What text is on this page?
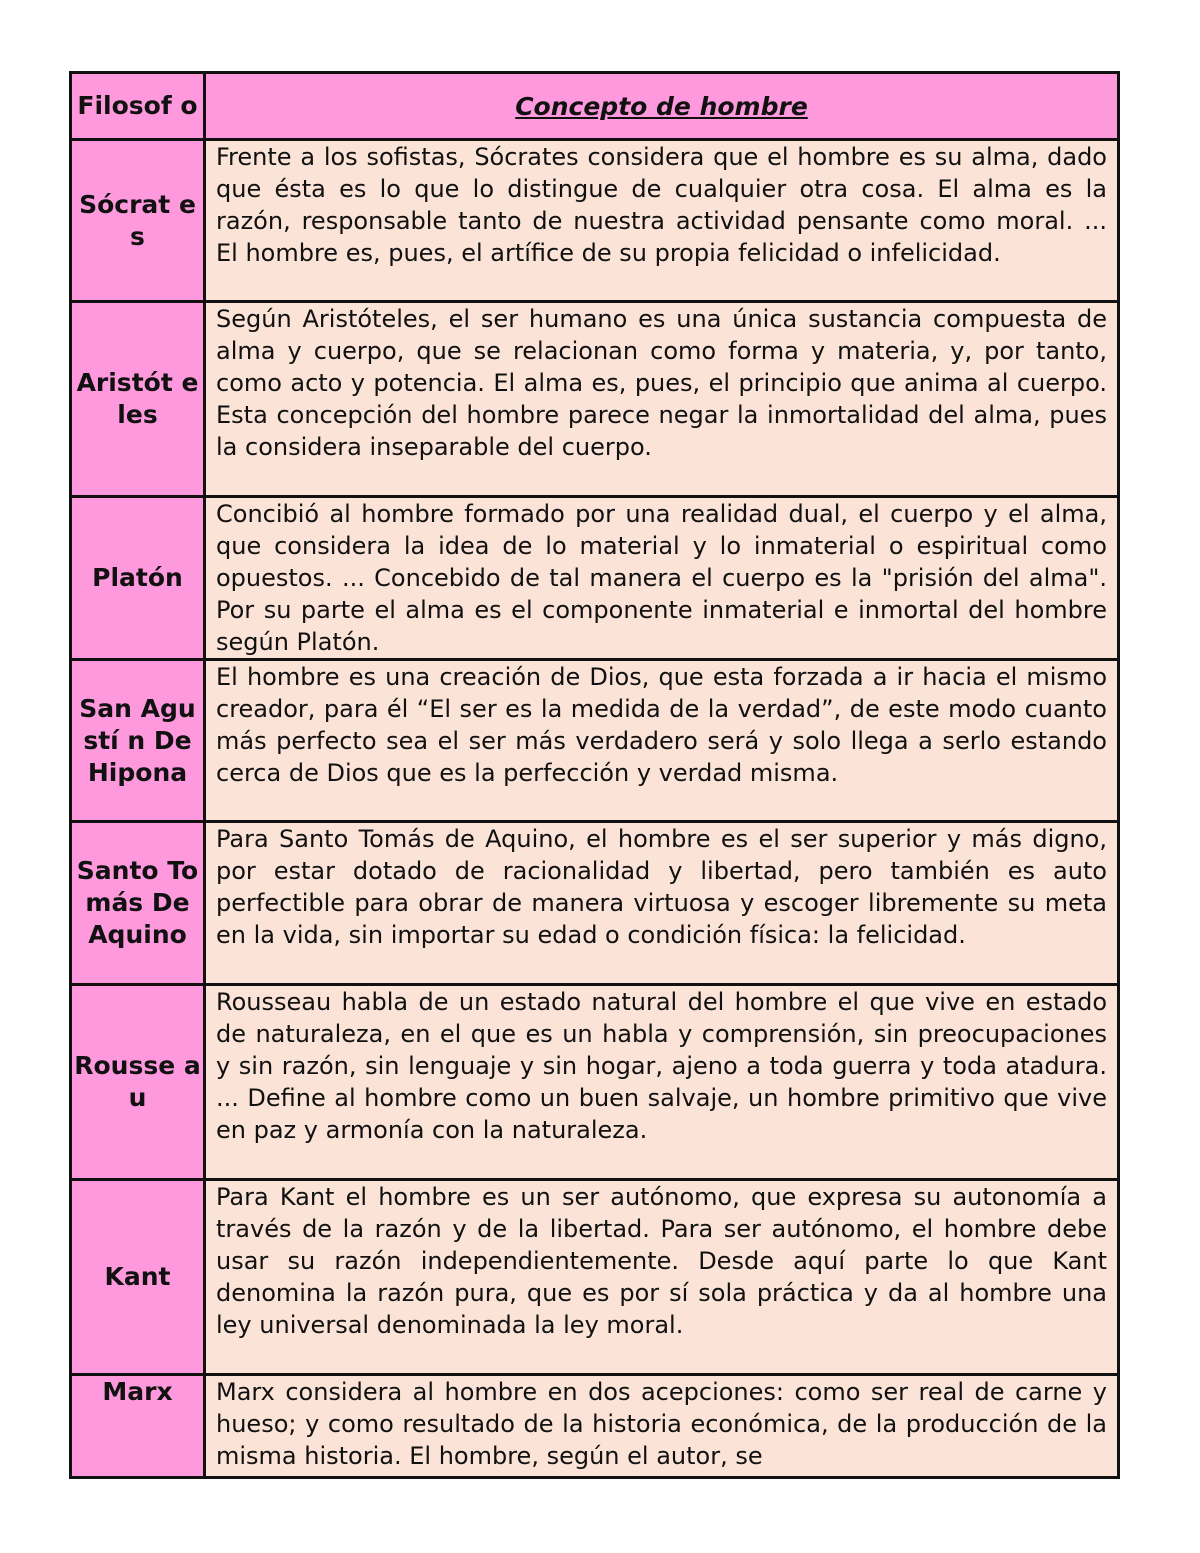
Filosof o	Concepto de hombre
Sócrat es	Frente a los sofistas, Sócrates considera que el hombre es su alma, dado que ésta es lo que lo distingue de cualquier otra cosa. El alma es la razón, responsable tanto de nuestra actividad pensante como moral. ... El hombre es, pues, el artífice de su propia felicidad o infelicidad.
Aristót eles	Según Aristóteles, el ser humano es una única sustancia compuesta de alma y cuerpo, que se relacionan como forma y materia, y, por tanto, como acto y potencia. El alma es, pues, el principio que anima al cuerpo. Esta concepción del hombre parece negar la inmortalidad del alma, pues la considera inseparable del cuerpo.
Platón	Concibió al hombre formado por una realidad dual, el cuerpo y el alma, que considera la idea de lo material y lo inmaterial o espiritual como opuestos. ... Concebido de tal manera el cuerpo es la "prisión del alma". Por su parte el alma es el componente inmaterial e inmortal del hombre según Platón.
San Agustí n De Hipona	El hombre es una creación de Dios, que esta forzada a ir hacia el mismo creador, para él “El ser es la medida de la verdad”, de este modo cuanto más perfecto sea el ser más verdadero será y solo llega a serlo estando cerca de Dios que es la perfección y verdad misma.
Santo Tomás De Aquino	Para Santo Tomás de Aquino, el hombre es el ser superior y más digno, por estar dotado de racionalidad y libertad, pero también es auto perfectible para obrar de manera virtuosa y escoger libremente su meta en la vida, sin importar su edad o condición física: la felicidad.
Rousse au	Rousseau habla de un estado natural del hombre el que vive en estado de naturaleza, en el que es un habla y comprensión, sin preocupaciones y sin razón, sin lenguaje y sin hogar, ajeno a toda guerra y toda atadura. ... Define al hombre como un buen salvaje, un hombre primitivo que vive en paz y armonía con la naturaleza.
Kant	Para Kant el hombre es un ser autónomo, que expresa su autonomía a través de la razón y de la libertad. Para ser autónomo, el hombre debe usar su razón independientemente. Desde aquí parte lo que Kant denomina la razón pura, que es por sí sola práctica y da al hombre una ley universal denominada la ley moral.
Marx	Marx considera al hombre en dos acepciones: como ser real de carne y hueso; y como resultado de la historia económica, de la producción de la misma historia. El hombre, según el autor, se
